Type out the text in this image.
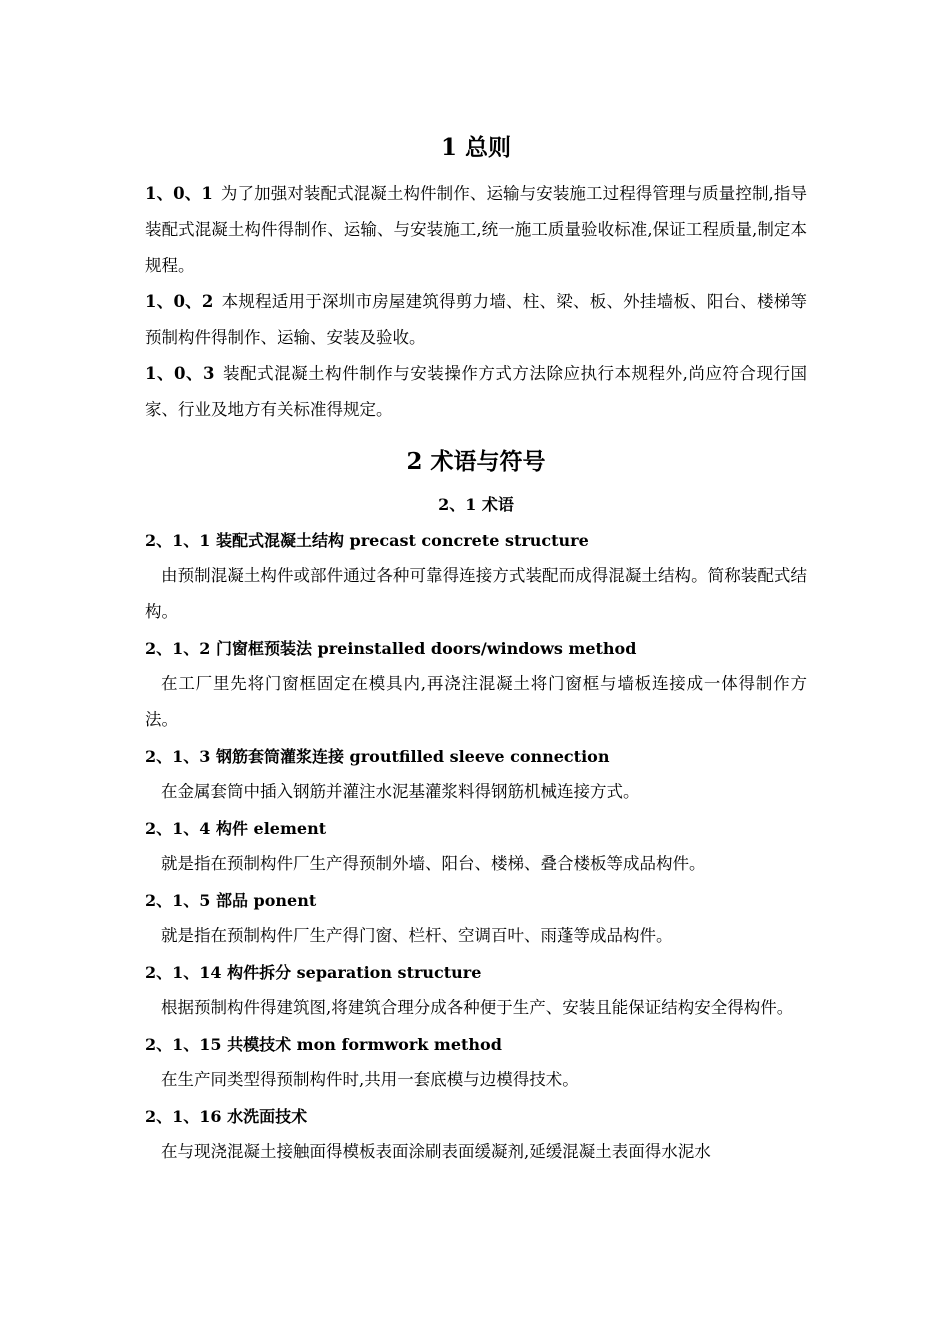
1 总则

1、0、1 为了加强对装配式混凝土构件制作、运输与安装施工过程得管理与质量控制,指导装配式混凝土构件得制作、运输、与安装施工,统一施工质量验收标准,保证工程质量,制定本规程。

1、0、2 本规程适用于深圳市房屋建筑得剪力墙、柱、梁、板、外挂墙板、阳台、楼梯等预制构件得制作、运输、安装及验收。

1、0、3 装配式混凝土构件制作与安装操作方式方法除应执行本规程外,尚应符合现行国家、行业及地方有关标准得规定。

2 术语与符号
2、1 术语
2、1、1 装配式混凝土结构 precast concrete structure

由预制混凝土构件或部件通过各种可靠得连接方式装配而成得混凝土结构。简称装配式结构。

2、1、2 门窗框预装法 preinstalled doors/windows method

在工厂里先将门窗框固定在模具内,再浇注混凝土将门窗框与墙板连接成一体得制作方法。

2、1、3 钢筋套筒灌浆连接 groutfilled sleeve connection

在金属套筒中插入钢筋并灌注水泥基灌浆料得钢筋机械连接方式。

2、1、4 构件 element

就是指在预制构件厂生产得预制外墙、阳台、楼梯、叠合楼板等成品构件。

2、1、5 部品 ponent

就是指在预制构件厂生产得门窗、栏杆、空调百叶、雨蓬等成品构件。

2、1、14 构件拆分 separation structure

根据预制构件得建筑图,将建筑合理分成各种便于生产、安装且能保证结构安全得构件。

2、1、15 共模技术 mon formwork method

在生产同类型得预制构件时,共用一套底模与边模得技术。

2、1、16 水洗面技术

在与现浇混凝土接触面得模板表面涂刷表面缓凝剂,延缓混凝土表面得水泥水
